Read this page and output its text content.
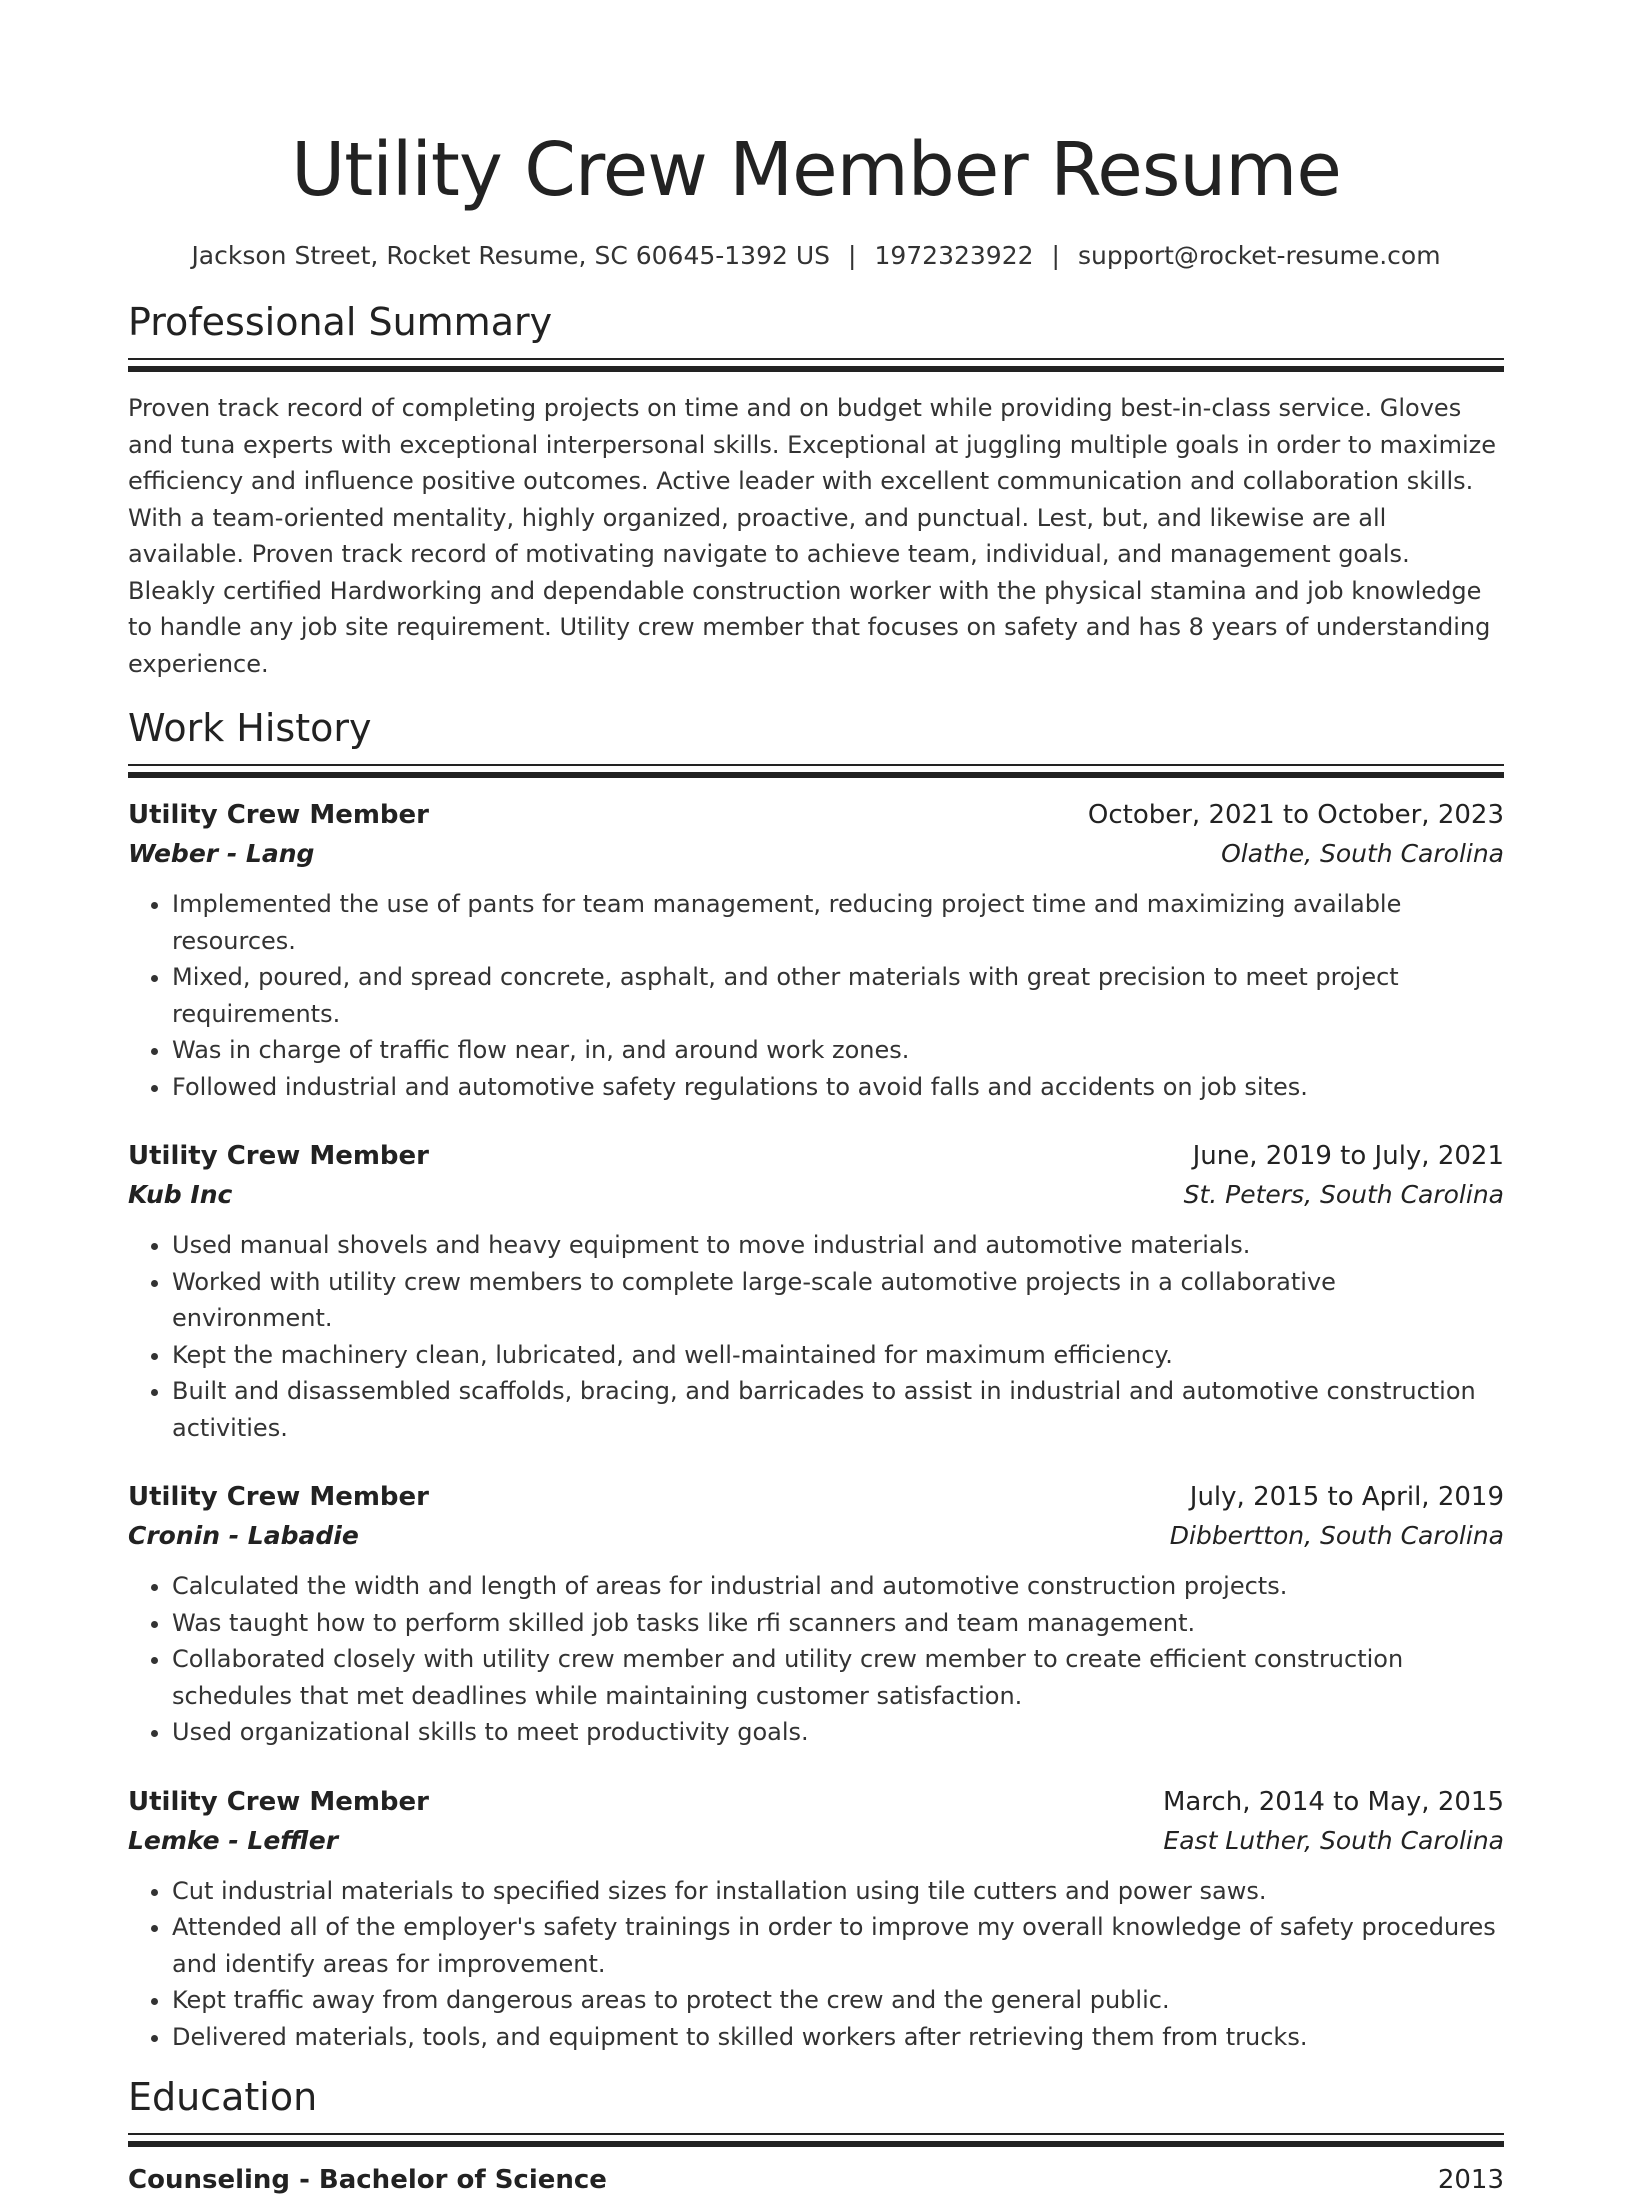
Utility Crew Member Resume
Jackson Street, Rocket Resume, SC 60645-1392 US | 1972323922 | support@rocket-resume.com
Professional Summary

Proven track record of completing projects on time and on budget while providing best-in-class service. Gloves and tuna experts with exceptional interpersonal skills. Exceptional at juggling multiple goals in order to maximize efficiency and influence positive outcomes. Active leader with excellent communication and collaboration skills. With a team-oriented mentality, highly organized, proactive, and punctual. Lest, but, and likewise are all available. Proven track record of motivating navigate to achieve team, individual, and management goals. Bleakly certified Hardworking and dependable construction worker with the physical stamina and job knowledge to handle any job site requirement. Utility crew member that focuses on safety and has 8 years of understanding experience.

Work History
Utility Crew Member	October, 2021 to October, 2023
Weber - Lang	Olathe, South Carolina
• Implemented the use of pants for team management, reducing project time and maximizing available resources.
• Mixed, poured, and spread concrete, asphalt, and other materials with great precision to meet project requirements.
• Was in charge of traffic flow near, in, and around work zones.
• Followed industrial and automotive safety regulations to avoid falls and accidents on job sites.
Utility Crew Member	June, 2019 to July, 2021
Kub Inc	St. Peters, South Carolina
• Used manual shovels and heavy equipment to move industrial and automotive materials.
• Worked with utility crew members to complete large-scale automotive projects in a collaborative environment.
• Kept the machinery clean, lubricated, and well-maintained for maximum efficiency.
• Built and disassembled scaffolds, bracing, and barricades to assist in industrial and automotive construction activities.
Utility Crew Member	July, 2015 to April, 2019
Cronin - Labadie	Dibbertton, South Carolina
• Calculated the width and length of areas for industrial and automotive construction projects.
• Was taught how to perform skilled job tasks like rfi scanners and team management.
• Collaborated closely with utility crew member and utility crew member to create efficient construction schedules that met deadlines while maintaining customer satisfaction.
• Used organizational skills to meet productivity goals.
Utility Crew Member	March, 2014 to May, 2015
Lemke - Leffler	East Luther, South Carolina
• Cut industrial materials to specified sizes for installation using tile cutters and power saws.
• Attended all of the employer's safety trainings in order to improve my overall knowledge of safety procedures and identify areas for improvement.
• Kept traffic away from dangerous areas to protect the crew and the general public.
• Delivered materials, tools, and equipment to skilled workers after retrieving them from trucks.
Education
Counseling - Bachelor of Science	2013
